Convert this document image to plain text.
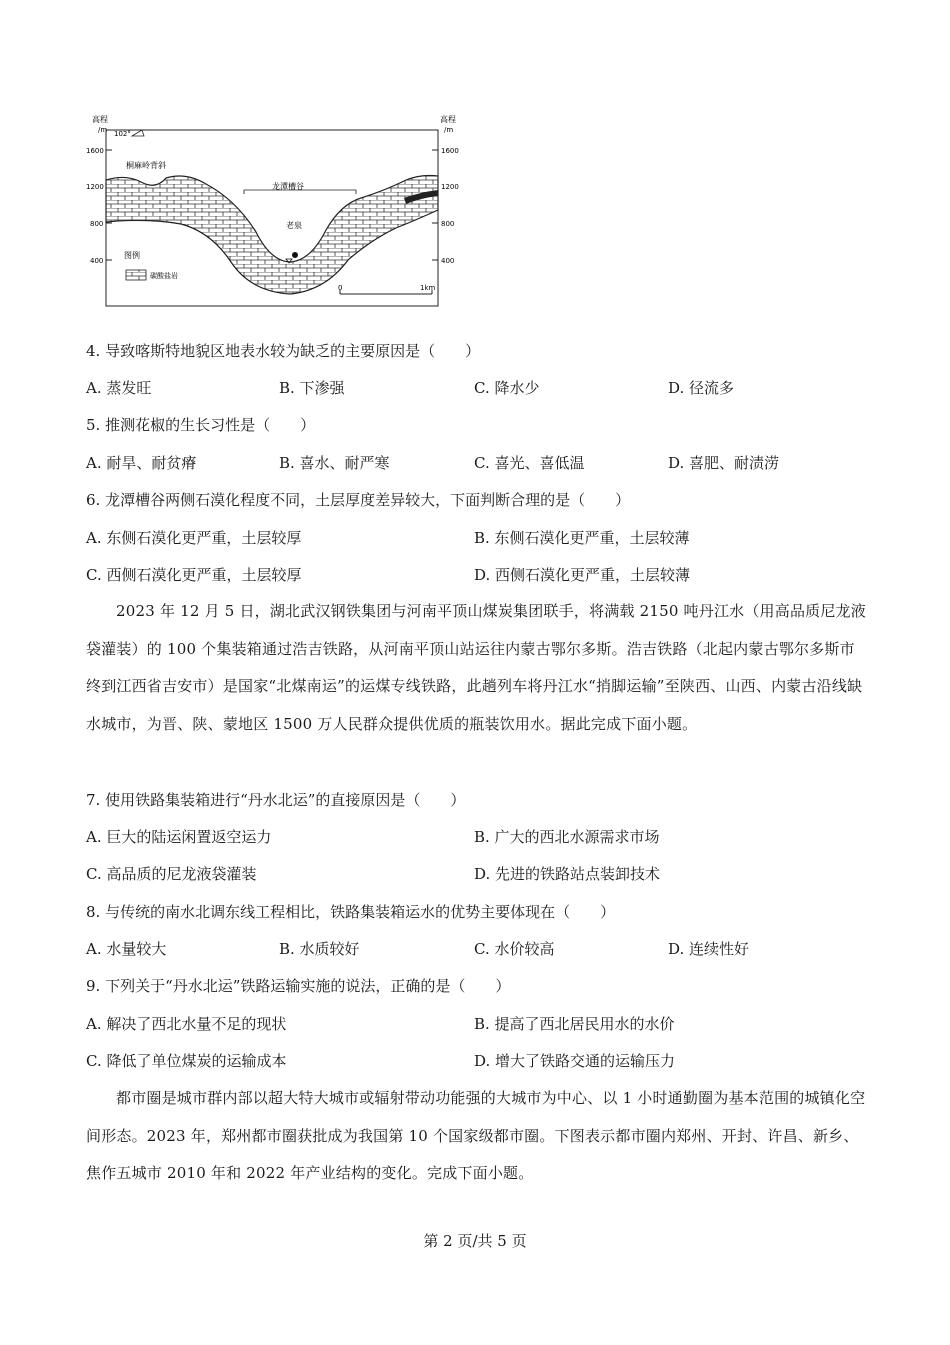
高程
/m
高程
/m
1600
1200
800
400
1600
1200
800
400
102°
桐麻岭背斜
龙潭槽谷
老泉
图例
碳酸盐岩
0	1km
4. 导致喀斯特地貌区地表水较为缺乏的主要原因是（　　）
A. 蒸发旺	B. 下渗强	C. 降水少	D. 径流多
5. 推测花椒的生长习性是（　　）
A. 耐旱、耐贫瘠	B. 喜水、耐严寒	C. 喜光、喜低温	D. 喜肥、耐渍涝
6. 龙潭槽谷两侧石漠化程度不同，土层厚度差异较大，下面判断合理的是（　　）
A. 东侧石漠化更严重，土层较厚	B. 东侧石漠化更严重，土层较薄
C. 西侧石漠化更严重，土层较厚	D. 西侧石漠化更严重，土层较薄
2023 年 12 月 5 日，湖北武汉钢铁集团与河南平顶山煤炭集团联手，将满载 2150 吨丹江水（用高品质尼龙液袋灌装）的 100 个集装箱通过浩吉铁路，从河南平顶山站运往内蒙古鄂尔多斯。浩吉铁路（北起内蒙古鄂尔多斯市终到江西省吉安市）是国家“北煤南运”的运煤专线铁路，此趟列车将丹江水“捎脚运输”至陕西、山西、内蒙古沿线缺水城市，为晋、陕、蒙地区 1500 万人民群众提供优质的瓶装饮用水。据此完成下面小题。
7. 使用铁路集装箱进行“丹水北运”的直接原因是（　　）
A. 巨大的陆运闲置返空运力	B. 广大的西北水源需求市场
C. 高品质的尼龙液袋灌装	D. 先进的铁路站点装卸技术
8. 与传统的南水北调东线工程相比，铁路集装箱运水的优势主要体现在（　　）
A. 水量较大	B. 水质较好	C. 水价较高	D. 连续性好
9. 下列关于“丹水北运”铁路运输实施的说法，正确的是（　　）
A. 解决了西北水量不足的现状	B. 提高了西北居民用水的水价
C. 降低了单位煤炭的运输成本	D. 增大了铁路交通的运输压力
都市圈是城市群内部以超大特大城市或辐射带动功能强的大城市为中心、以 1 小时通勤圈为基本范围的城镇化空间形态。2023 年，郑州都市圈获批成为我国第 10 个国家级都市圈。下图表示都市圈内郑州、开封、许昌、新乡、焦作五城市 2010 年和 2022 年产业结构的变化。完成下面小题。
第 2 页/共 5 页
